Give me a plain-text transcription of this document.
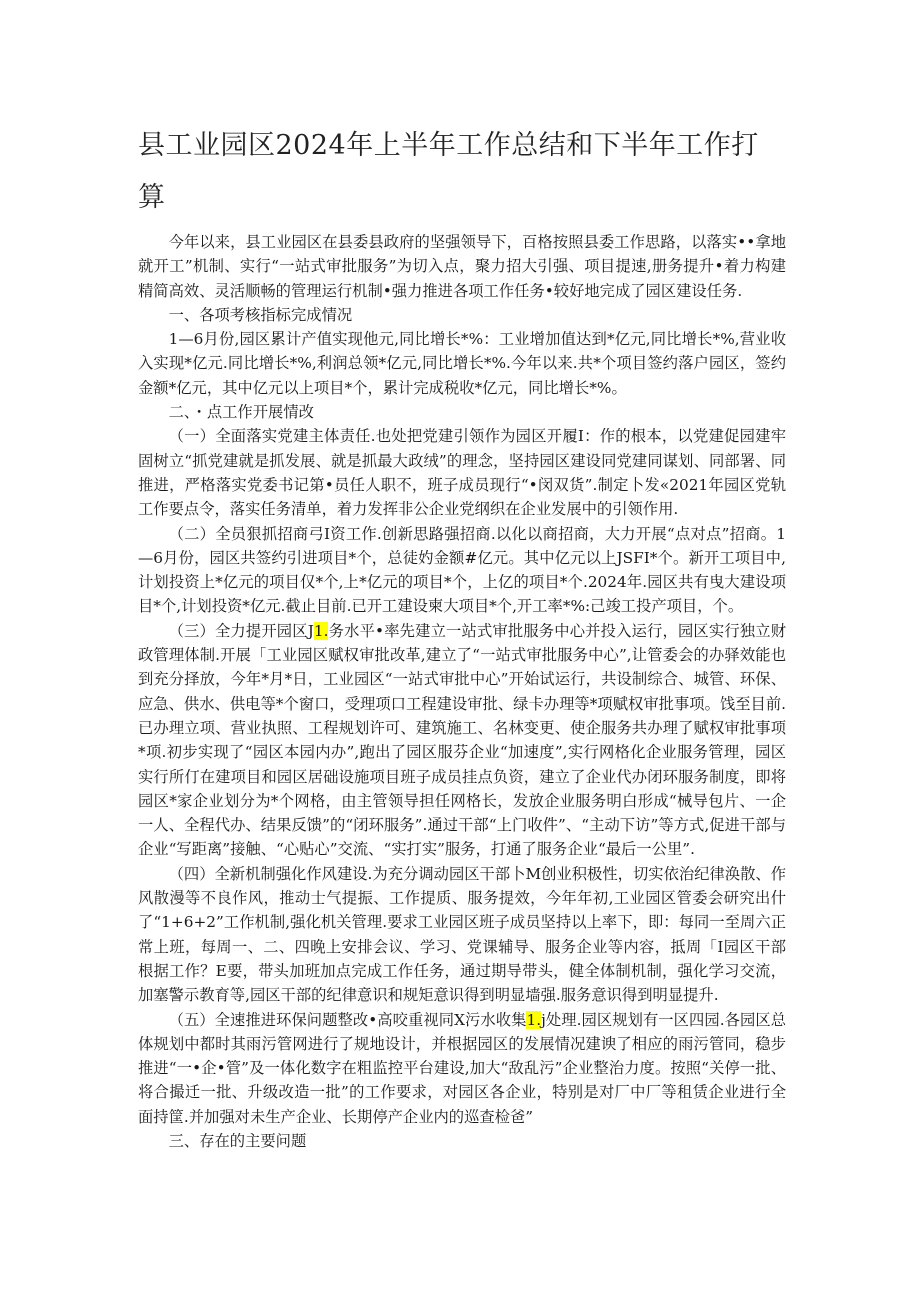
县工业园区2024年上半年工作总结和下半年工作打算

今年以来，县工业园区在县委县政府的坚强领导下，百格按照县委工作思路，以落实••拿地就开工”机制、实行“一站式审批服务”为切入点，聚力招大引强、项目提速,册务提升•着力构建精简高效、灵活顺畅的管理运行机制•强力推进各项工作任务•较好地完成了园区建设任务.

一、各项考核指标完成情况

1—6月份,园区累计产值实现他元,同比增长*%：工业增加值达到*亿元,同比增长*%,营业收入实现*亿元.同比增长*%,利润总领*亿元,同比增长*%.今年以来.共*个项目签约落户园区，签约金额*亿元，其中亿元以上项目*个，累计完成税收*亿元，同比增长*%。

二、・点工作开展情改

（一）全面落实党建主体责任.也处把党建引领作为园区开履I：作的根本，以党建促园建牢固树立“抓党建就是抓发展、就是抓最大政绒”的理念，坚持园区建设同党建同谋划、同部署、同推进，严格落实党委书记第•员任人职不，班子成员现行“•闵双货”.制定卜发«2021年园区党轨工作要点令，落实任务清单，着力发挥非公企业党纲织在企业发展中的引领作用.

（二）全员狠抓招商弓I资工作.创新思路强招商.以化以商招商，大力开展“点对点”招商。1—6月份，园区共签约引进项目*个，总徒妁金额#亿元。其中亿元以上JSFI*个。新开工项目中,计划投资上*亿元的项目仅*个,上*亿元的项目*个，上亿的项目*个.2024年.园区共有曳大建设项目*个,计划投资*亿元.截止目前.已开工建设柬大项目*个,开工率*%:己竣工投产项目，个。

（三）全力提开园区J1.务水平•率先建立一站式审批服务中心并投入运行，园区实行独立财政管理体制.开展「工业园区赋权审批改革,建立了“一站式审批服务中心”,让管委会的办驿效能也到充分择放，今年*月*日，工业园区“一站式审批中心”开始试运行，共设制综合、城管、环保、应急、供水、供电等*个窗口，受理项口工程建设审批、绿卡办理等*项赋权审批事项。饯至目前.已办理立项、营业执照、工程规划许可、建筑施工、名林变更、使企服务共办理了赋权审批事项*项.初步实现了“园区本园内办”,跑出了园区服芬企业“加速度”,实行网格化企业服务管理，园区实行所仃在建项目和园区居础设施项目班子成员挂点负资，建立了企业代办闭环服务制度，即将园区*家企业划分为*个网格，由主管领导担任网格长，发放企业服务明白形成“械导包片、一企一人、全程代办、结果反馈”的“闭环服务”.通过干部“上门收件”、“主动下访”等方式,促进干部与企业“写距离”接触、“心贴心”交流、“实打实”服务，打通了服务企业“最后一公里”.

（四）全新机制强化作风建设.为充分调动园区干部卜M创业积极性，切实依治纪律涣散、作风散漫等不良作风，推动士气提振、工作提质、服务提效，今年年初,工业园区管委会研究出什了“1+6+2”工作机制,强化机关管理.要求工业园区班子成员坚持以上率下，即：每同一至周六正常上班，每周一、二、四晚上安排会议、学习、党课辅导、服务企业等内容，抵周「I园区干部根据工作？E要，带头加班加点完成工作任务，通过期导带头，健全体制机制，强化学习交流，加塞警示教育等,园区干部的纪律意识和规矩意识得到明显墙强.服务意识得到明显提升.

（五）全速推进环保问题整改•高咬重视同X污水收集1.j处理.园区规划有一区四园.各园区总体规划中都时其雨污管网进行了规地设计，并根据园区的发展情况建谀了相应的雨污管同，稳步推进“一•企•管”及一体化数字在粗监控平台建设,加大“敌乱污”企业整治力度。按照“关停一批、将合撮迁一批、升级改造一批”的工作要求，对园区各企业，特别是对厂中厂等租赁企业进行全面持筐.并加强对未生产企业、长期停产企业内的巡查检爸”

三、存在的主要问题
